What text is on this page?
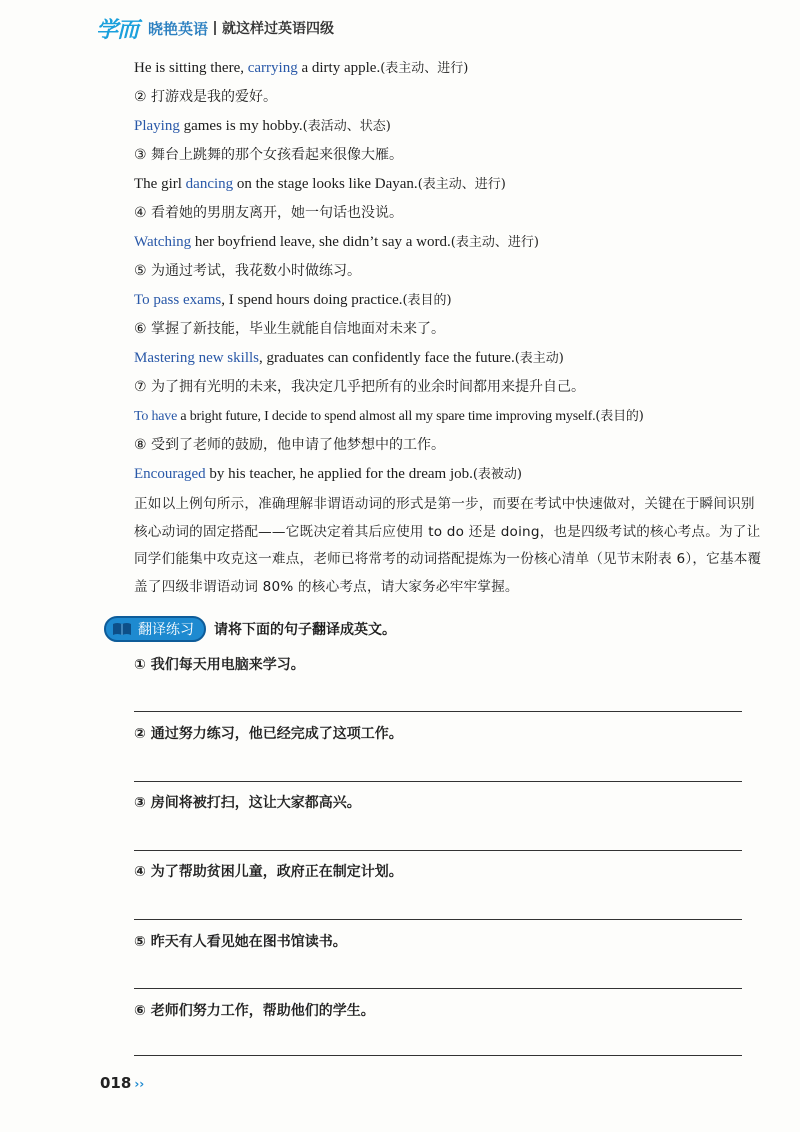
学而 晓艳英语 就这样过英语四级
He is sitting there, carrying a dirty apple.(表主动、进行)
② 打游戏是我的爱好。
Playing games is my hobby.(表活动、状态)
③ 舞台上跳舞的那个女孩看起来很像大雁。
The girl dancing on the stage looks like Dayan.(表主动、进行)
④ 看着她的男朋友离开，她一句话也没说。
Watching her boyfriend leave, she didn’t say a word.(表主动、进行)
⑤ 为通过考试，我花数小时做练习。
To pass exams, I spend hours doing practice.(表目的)
⑥ 掌握了新技能，毕业生就能自信地面对未来了。
Mastering new skills, graduates can confidently face the future.(表主动)
⑦ 为了拥有光明的未来，我决定几乎把所有的业余时间都用来提升自己。
To have a bright future, I decide to spend almost all my spare time improving myself.(表目的)
⑧ 受到了老师的鼓励，他申请了他梦想中的工作。
Encouraged by his teacher, he applied for the dream job.(表被动)
正如以上例句所示，准确理解非谓语动词的形式是第一步，而要在考试中快速做对，关键在于瞬间识别核心动词的固定搭配——它既决定着其后应使用 to do 还是 doing，也是四级考试的核心考点。为了让同学们能集中攻克这一难点，老师已将常考的动词搭配提炼为一份核心清单（见节末附表 6），它基本覆盖了四级非谓语动词 80% 的核心考点，请大家务必牢牢掌握。
翻译练习 请将下面的句子翻译成英文。
① 我们每天用电脑来学习。
② 通过努力练习，他已经完成了这项工作。
③ 房间将被打扫，这让大家都高兴。
④ 为了帮助贫困儿童，政府正在制定计划。
⑤ 昨天有人看见她在图书馆读书。
⑥ 老师们努力工作，帮助他们的学生。
018 ››
